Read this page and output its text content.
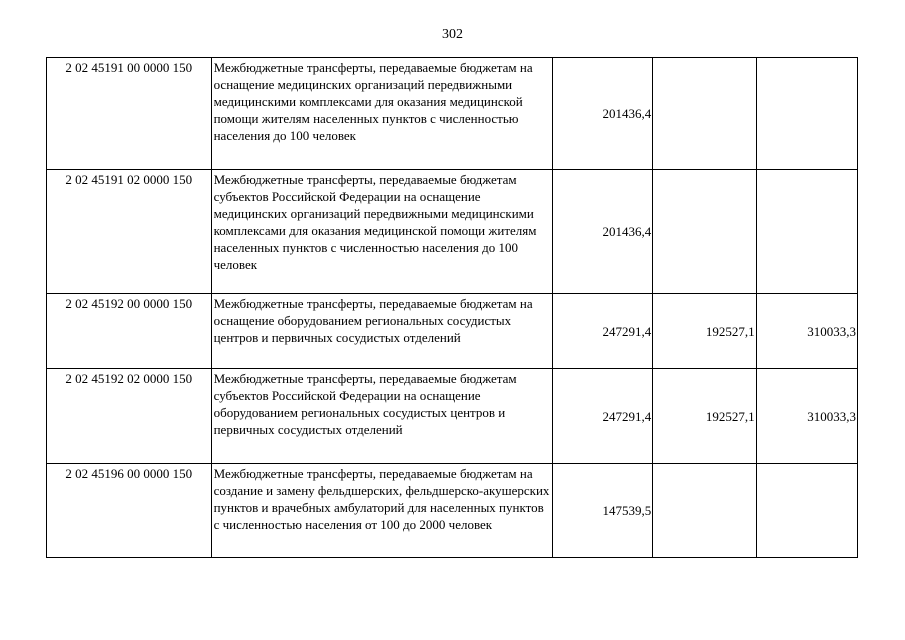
302
2 02 45191 00 0000 150	Межбюджетные трансферты, передаваемые бюджетам на оснащение медицинских организаций передвижными медицинскими комплексами для оказания медицинской помощи жителям населенных пунктов с численностью населения до 100 человек	201436,4		
2 02 45191 02 0000 150	Межбюджетные трансферты, передаваемые бюджетам субъектов Российской Федерации на оснащение медицинских организаций передвижными медицинскими комплексами для оказания медицинской помощи жителям населенных пунктов с численностью населения до 100 человек	201436,4		
2 02 45192 00 0000 150	Межбюджетные трансферты, передаваемые бюджетам на оснащение оборудованием региональных сосудистых центров и первичных сосудистых отделений	247291,4	192527,1	310033,3
2 02 45192 02 0000 150	Межбюджетные трансферты, передаваемые бюджетам субъектов Российской Федерации на оснащение оборудованием региональных сосудистых центров и первичных сосудистых отделений	247291,4	192527,1	310033,3
2 02 45196 00 0000 150	Межбюджетные трансферты, передаваемые бюджетам на создание и замену фельдшерских, фельдшерско-акушерских пунктов и врачебных амбулаторий для населенных пунктов с численностью населения от 100 до 2000 человек	147539,5		
